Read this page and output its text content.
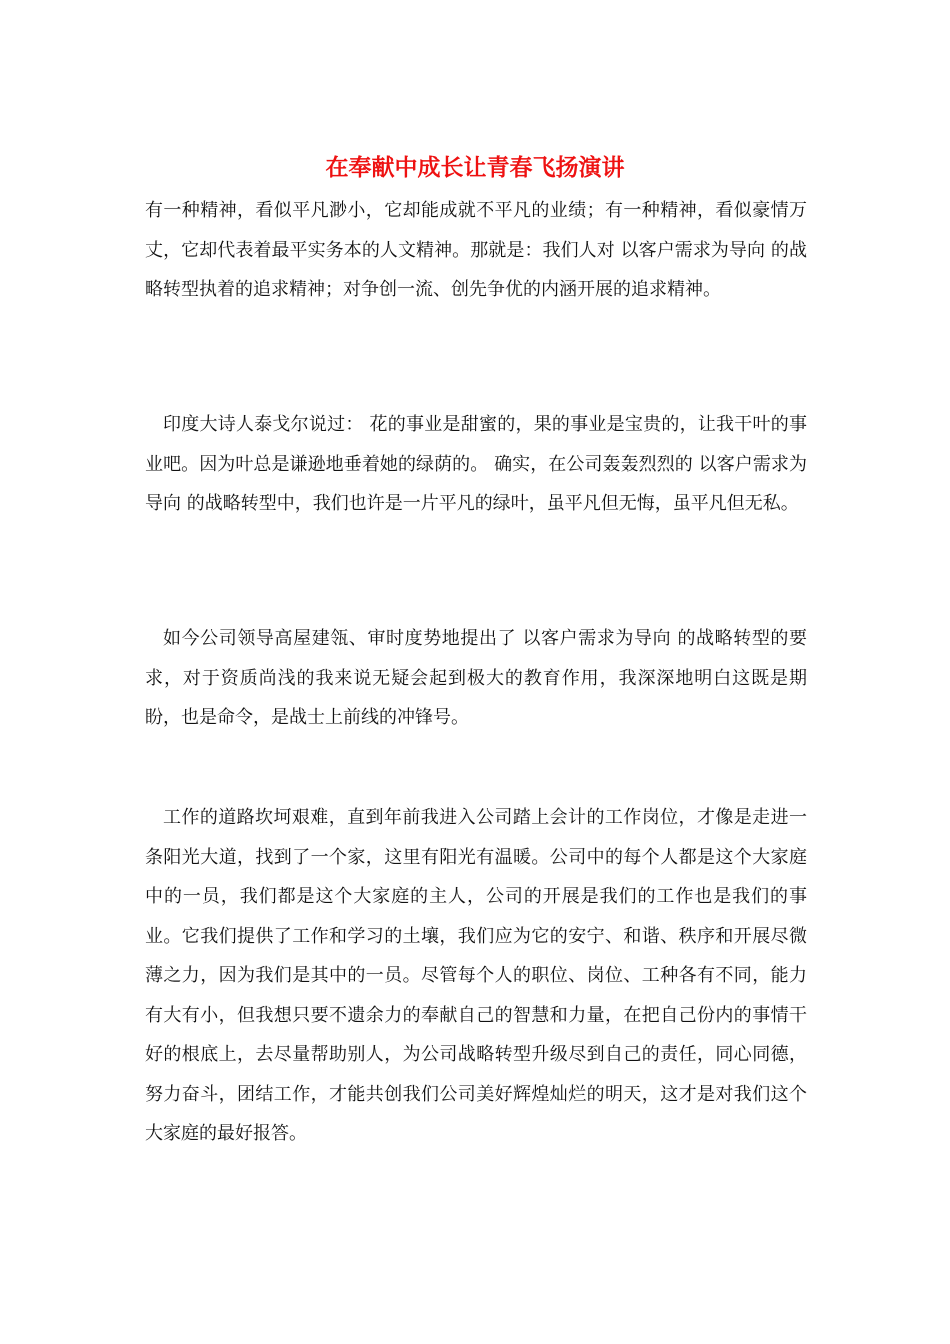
在奉献中成长让青春飞扬演讲

有一种精神，看似平凡渺小，它却能成就不平凡的业绩；有一种精神，看似豪情万丈，它却代表着最平实务本的人文精神。那就是：我们人对 以客户需求为导向 的战略转型执着的追求精神；对争创一流、创先争优的内涵开展的追求精神。

印度大诗人泰戈尔说过： 花的事业是甜蜜的，果的事业是宝贵的，让我干叶的事业吧。因为叶总是谦逊地垂着她的绿荫的。 确实，在公司轰轰烈烈的 以客户需求为导向 的战略转型中，我们也许是一片平凡的绿叶，虽平凡但无悔，虽平凡但无私。

如今公司领导高屋建瓴、审时度势地提出了 以客户需求为导向 的战略转型的要求，对于资质尚浅的我来说无疑会起到极大的教育作用，我深深地明白这既是期盼，也是命令，是战士上前线的冲锋号。

工作的道路坎坷艰难，直到年前我进入公司踏上会计的工作岗位，才像是走进一条阳光大道，找到了一个家，这里有阳光有温暖。公司中的每个人都是这个大家庭中的一员，我们都是这个大家庭的主人，公司的开展是我们的工作也是我们的事业。它我们提供了工作和学习的土壤，我们应为它的安宁、和谐、秩序和开展尽微薄之力，因为我们是其中的一员。尽管每个人的职位、岗位、工种各有不同，能力有大有小，但我想只要不遗余力的奉献自己的智慧和力量，在把自己份内的事情干好的根底上，去尽量帮助别人，为公司战略转型升级尽到自己的责任，同心同德，努力奋斗，团结工作，才能共创我们公司美好辉煌灿烂的明天，这才是对我们这个大家庭的最好报答。
